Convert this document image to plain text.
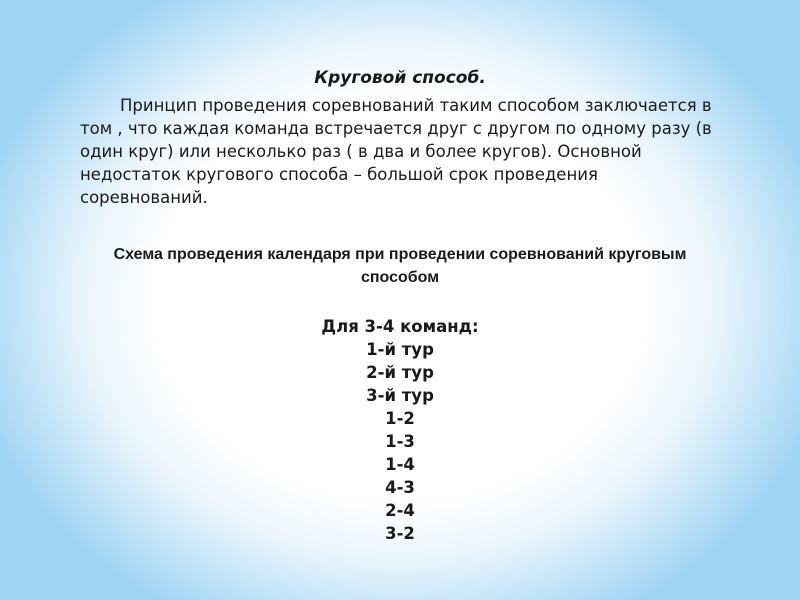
Круговой способ.

Принцип проведения соревнований таким способом заключается в том , что каждая команда встречается друг с другом по одному разу (в один круг) или несколько раз ( в два и более кругов). Основной недостаток кругового способа – большой срок проведения соревнований.

Схема проведения календаря при проведении соревнований круговым способом

Для 3-4 команд:
1-й тур
2-й тур
3-й тур
1-2
1-3
1-4
4-3
2-4
3-2
